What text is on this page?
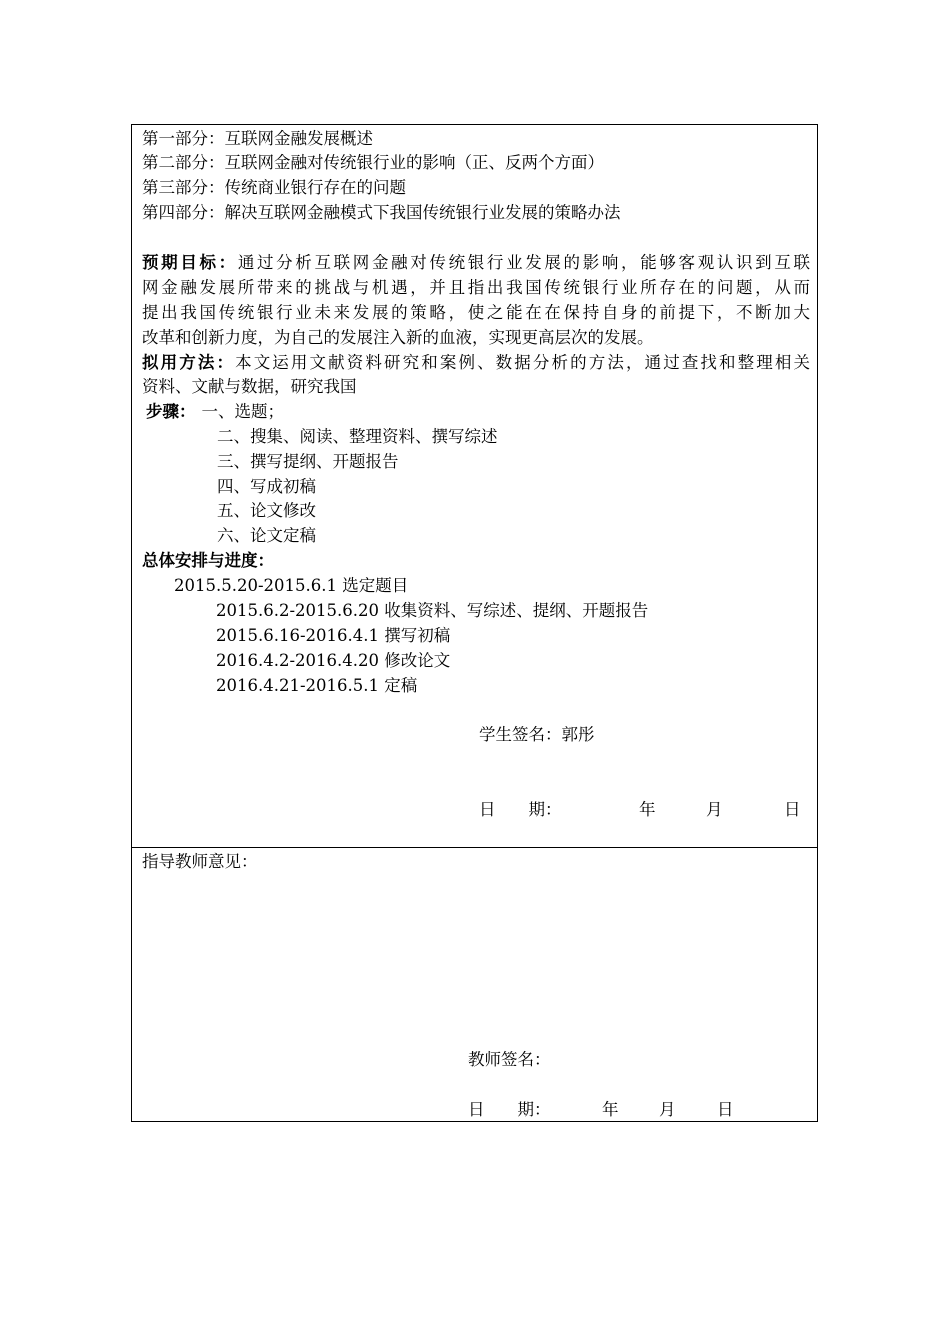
第一部分：互联网金融发展概述
第二部分：互联网金融对传统银行业的影响（正、反两个方面）
第三部分：传统商业银行存在的问题
第四部分：解决互联网金融模式下我国传统银行业发展的策略办法
预期目标：通过分析互联网金融对传统银行业发展的影响，能够客观认识到互联
网金融发展所带来的挑战与机遇，并且指出我国传统银行业所存在的问题，从而
提出我国传统银行业未来发展的策略，使之能在在保持自身的前提下，不断加大
改革和创新力度，为自己的发展注入新的血液，实现更高层次的发展。
拟用方法：本文运用文献资料研究和案例、数据分析的方法，通过查找和整理相关
资料、文献与数据，研究我国
步骤： 一、选题；
二、搜集、阅读、整理资料、撰写综述
三、撰写提纲、开题报告
四、写成初稿
五、论文修改
六、论文定稿
总体安排与进度：
2015.5.20-2015.6.1 选定题目
2015.6.2-2015.6.20 收集资料、写综述、提纲、开题报告
2015.6.16-2016.4.1 撰写初稿
2016.4.2-2016.4.20 修改论文
2016.4.21-2016.5.1 定稿
学生签名：郭彤
日　　期：	年	月	日
指导教师意见：
教师签名：
日　　期：	年 月	日
